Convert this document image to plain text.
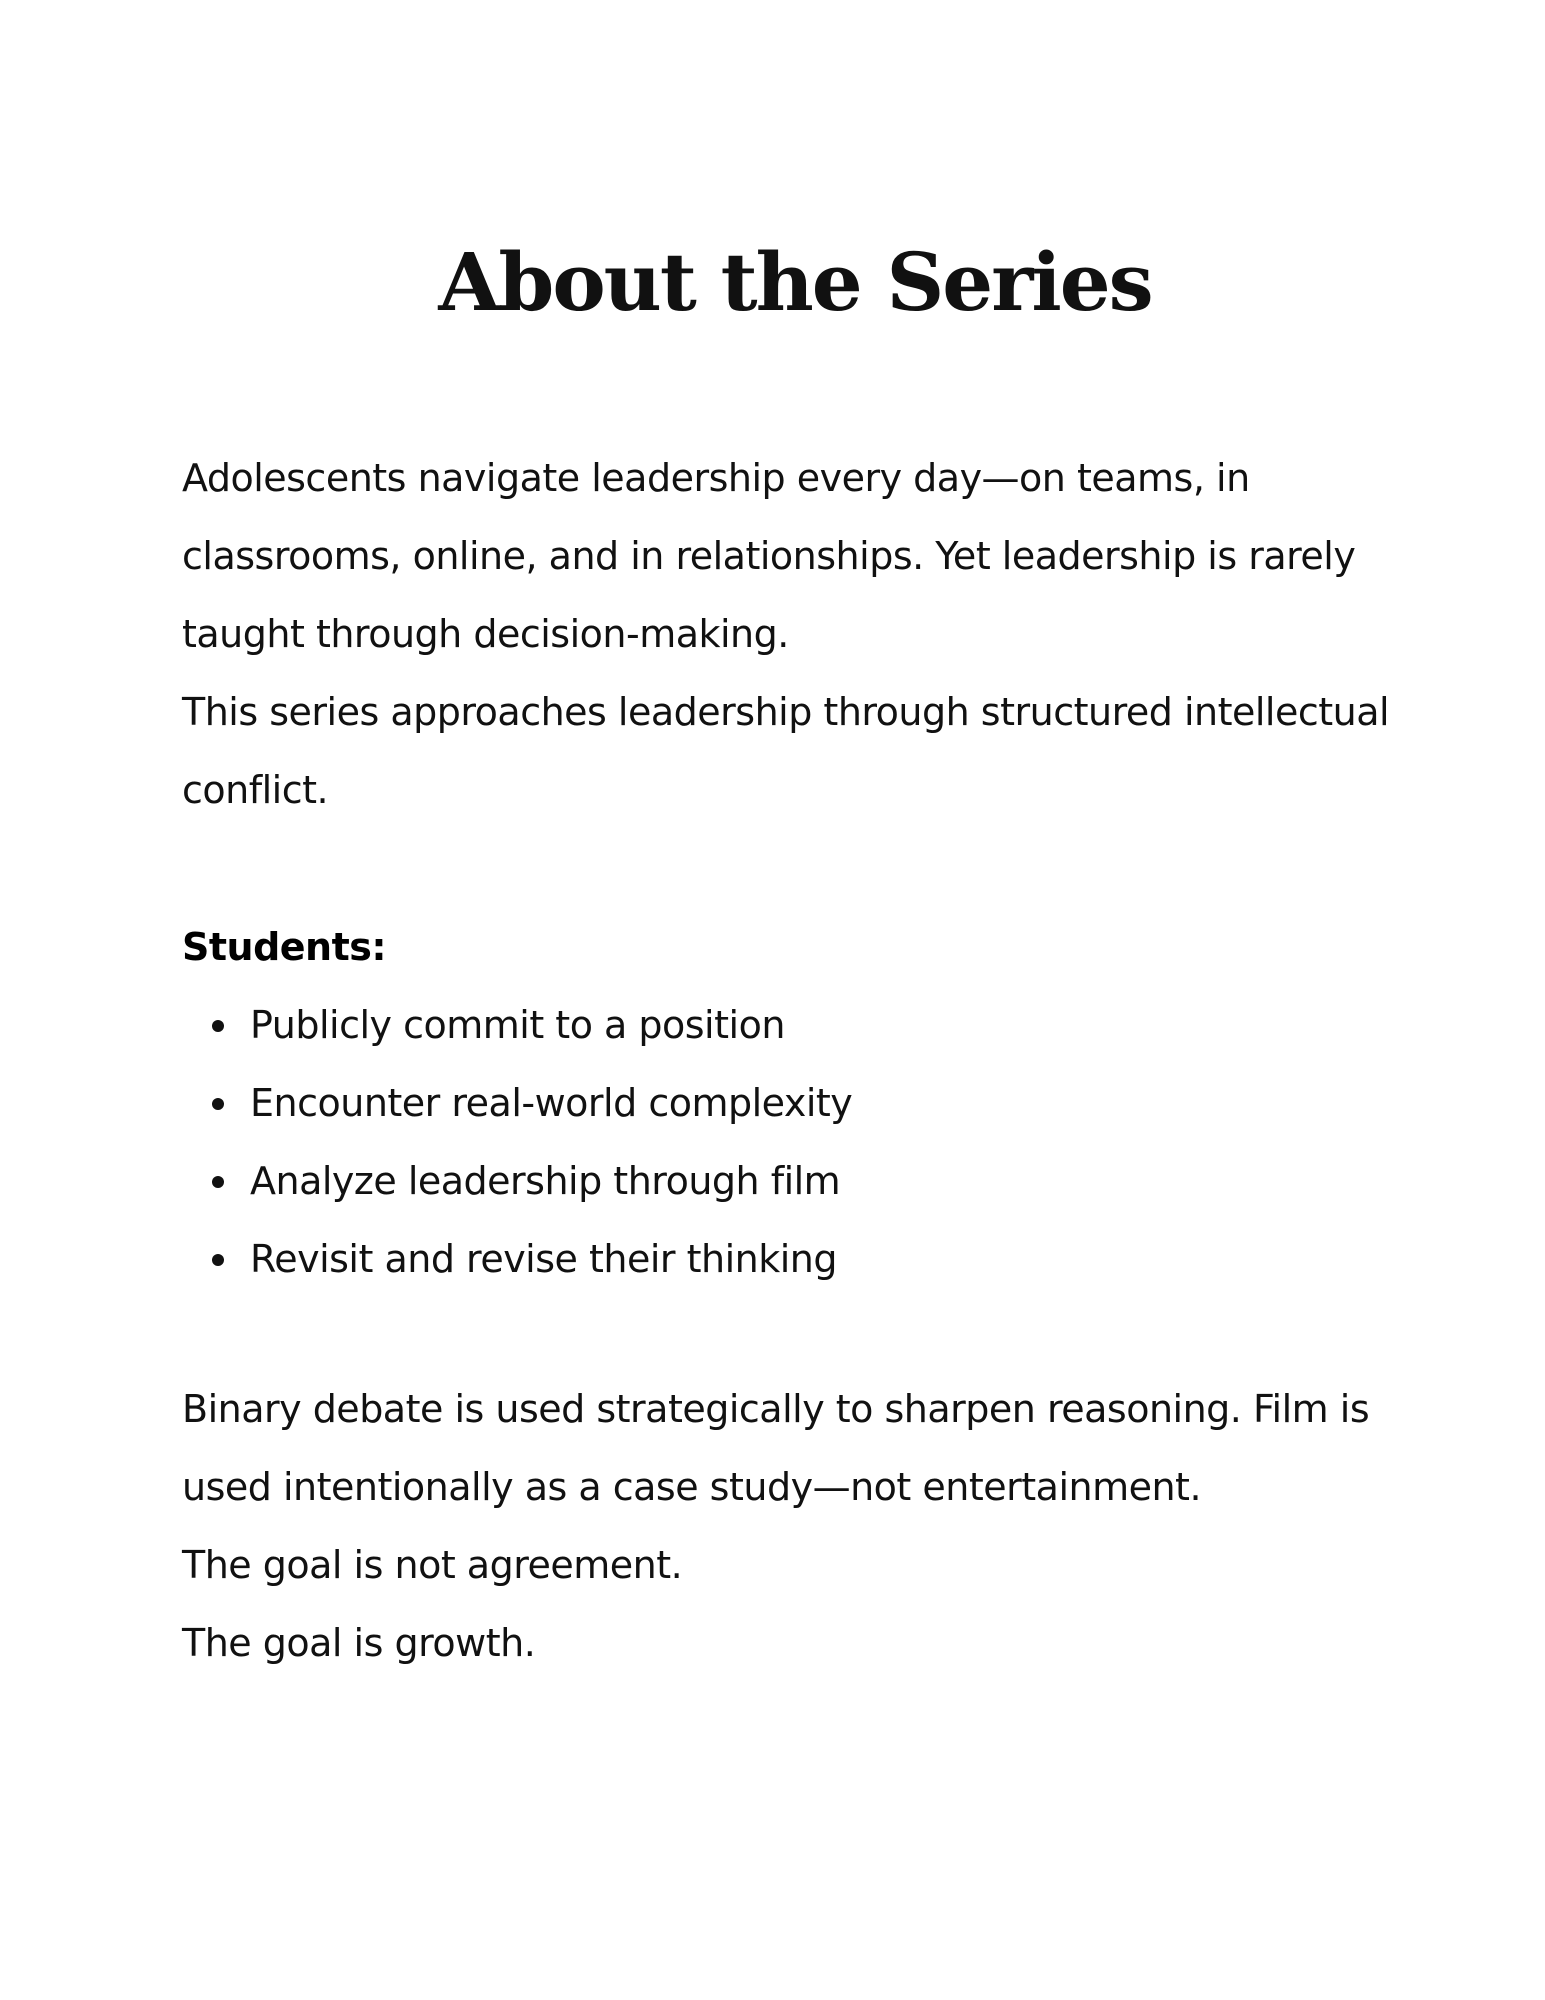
About the Series

Adolescents navigate leadership every day—on teams, in classrooms, online, and in relationships. Yet leadership is rarely taught through decision-making.

This series approaches leadership through structured intellectual conflict.

Students:

Publicly commit to a position
Encounter real-world complexity
Analyze leadership through film
Revisit and revise their thinking

Binary debate is used strategically to sharpen reasoning. Film is used intentionally as a case study—not entertainment.

The goal is not agreement.

The goal is growth.
